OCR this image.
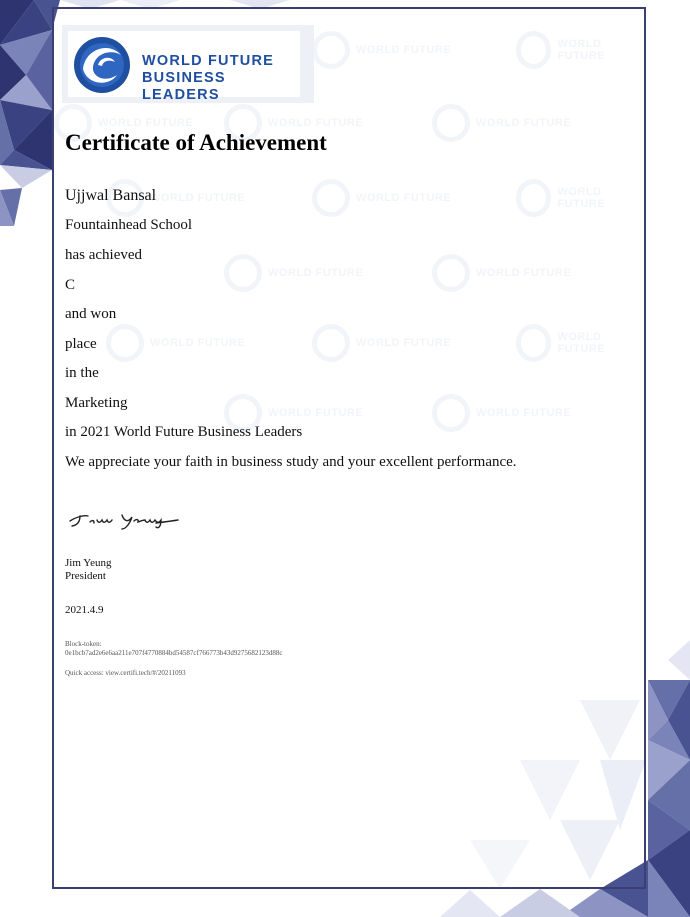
WORLD FUTURE	WORLD FUTURE
WORLD FUTURE	WORLD FUTURE	WORLD FUTURE
WORLD FUTURE	WORLD FUTURE	WORLD FUTURE
WORLD FUTURE	WORLD FUTURE
WORLD FUTURE	WORLD FUTURE	WORLD FUTURE
WORLD FUTURE	WORLD FUTURE
WORLD FUTURE
BUSINESS LEADERS
Certificate of Achievement
Ujjwal Bansal
Fountainhead School
has achieved
C
and won
place
in the
Marketing
in 2021 World Future Business Leaders
We appreciate your faith in business study and your excellent performance.
Jim Yeung
President
2021.4.9
Block-token:
0e1bcb7ad2e6e6aa211e707f4770884bd54587cf766773b43d9275682123d88c
Quick access: view.certifi.tech/#/20211093
